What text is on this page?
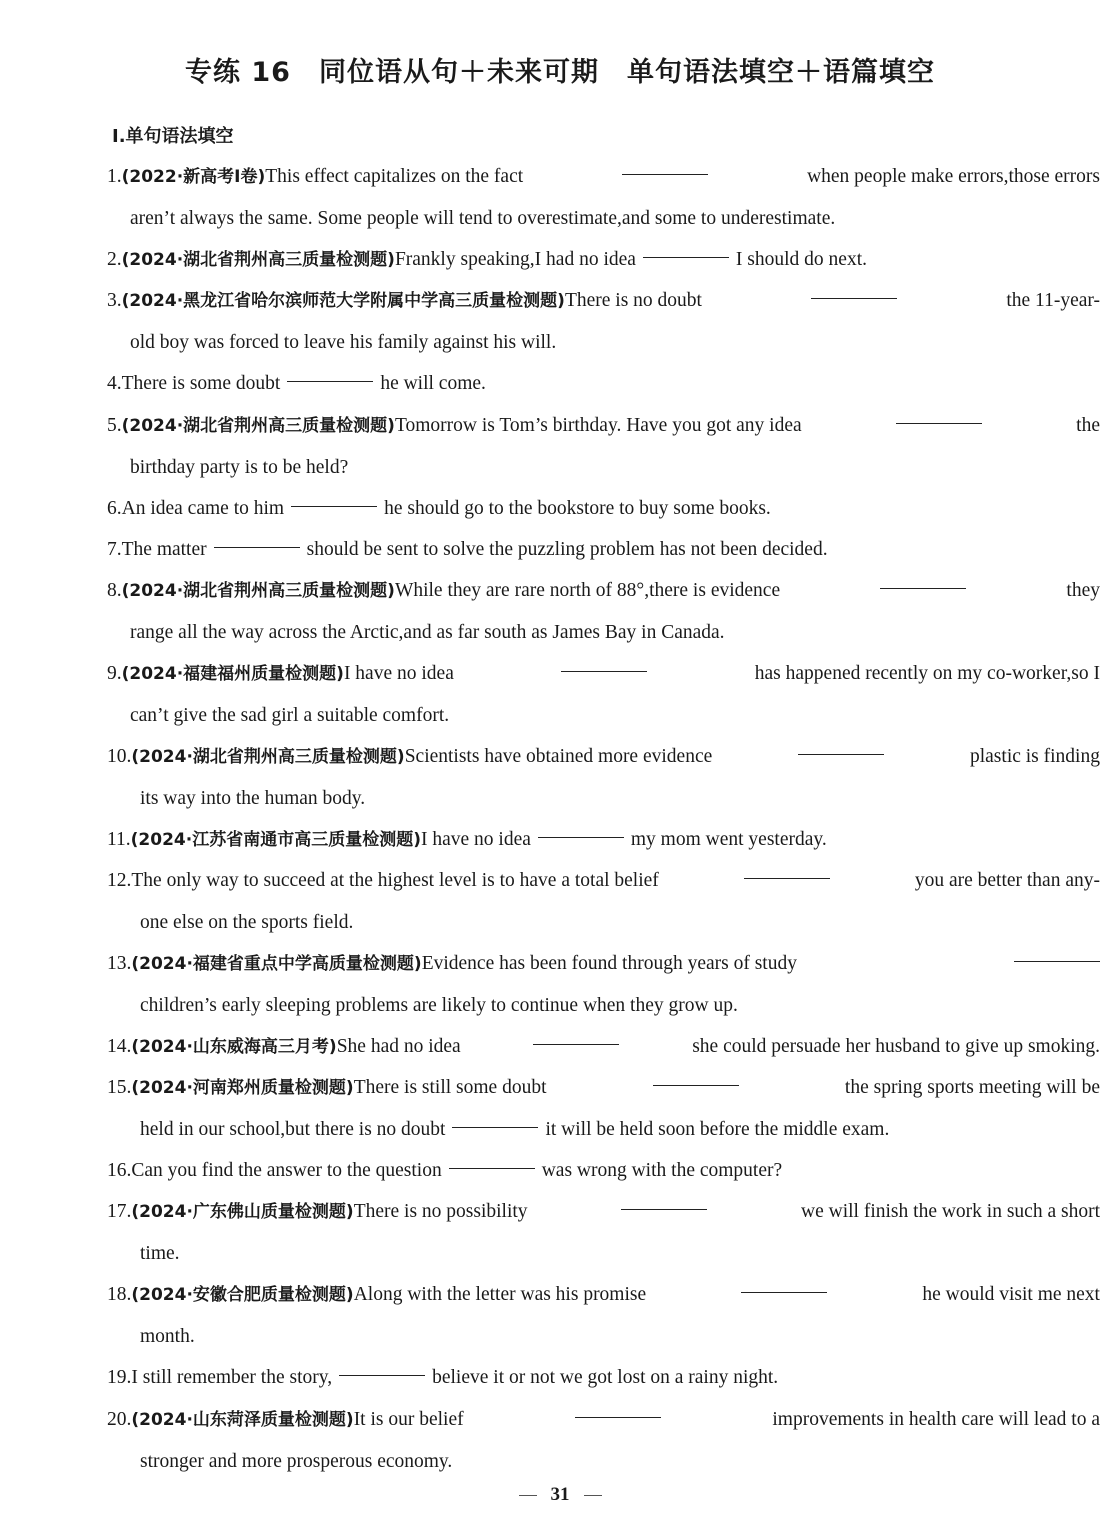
专练 16 同位语从句＋未来可期 单句语法填空＋语篇填空
Ⅰ.单句语法填空
1.(2022·新高考Ⅰ卷)This effect capitalizes on the fact	when people make errors,those errors
aren’t always the same. Some people will tend to overestimate,and some to underestimate.
2.(2024·湖北省荆州高三质量检测题)Frankly speaking,I had no idea	I should do next.
3.(2024·黑龙江省哈尔滨师范大学附属中学高三质量检测题)There is no doubt	the 11-year-
old boy was forced to leave his family against his will.
4.There is some doubt	he will come.
5.(2024·湖北省荆州高三质量检测题)Tomorrow is Tom’s birthday. Have you got any idea	the
birthday party is to be held?
6.An idea came to him	he should go to the bookstore to buy some books.
7.The matter	should be sent to solve the puzzling problem has not been decided.
8.(2024·湖北省荆州高三质量检测题)While they are rare north of 88°,there is evidence	they
range all the way across the Arctic,and as far south as James Bay in Canada.
9.(2024·福建福州质量检测题)I have no idea	has happened recently on my co-worker,so I
can’t give the sad girl a suitable comfort.
10.(2024·湖北省荆州高三质量检测题)Scientists have obtained more evidence	plastic is finding
its way into the human body.
11.(2024·江苏省南通市高三质量检测题)I have no idea	my mom went yesterday.
12.The only way to succeed at the highest level is to have a total belief	you are better than any-
one else on the sports field.
13.(2024·福建省重点中学高质量检测题)Evidence has been found through years of study
children’s early sleeping problems are likely to continue when they grow up.
14.(2024·山东威海高三月考)She had no idea	she could persuade her husband to give up smoking.
15.(2024·河南郑州质量检测题)There is still some doubt	the spring sports meeting will be
held in our school,but there is no doubt	it will be held soon before the middle exam.
16.Can you find the answer to the question	was wrong with the computer?
17.(2024·广东佛山质量检测题)There is no possibility	we will finish the work in such a short
time.
18.(2024·安徽合肥质量检测题)Along with the letter was his promise	he would visit me next
month.
19.I still remember the story,	believe it or not we got lost on a rainy night.
20.(2024·山东菏泽质量检测题)It is our belief	improvements in health care will lead to a
stronger and more prosperous economy.
31
